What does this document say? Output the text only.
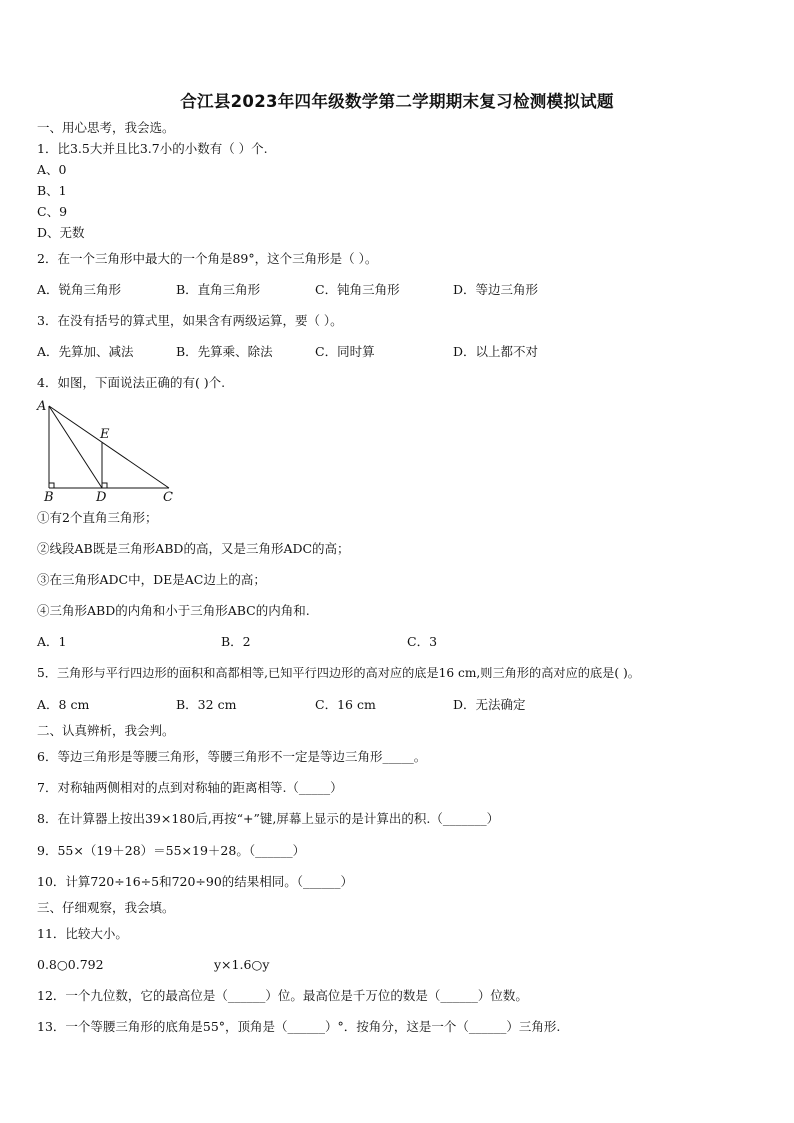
合江县2023年四年级数学第二学期期末复习检测模拟试题
一、用心思考，我会选。
1．比3.5大并且比3.7小的小数有（ ）个.
A、0
B、1
C、9
D、无数
2．在一个三角形中最大的一个角是89°，这个三角形是（ ）。
A．锐角三角形	B．直角三角形	C．钝角三角形	D．等边三角形
3．在没有括号的算式里，如果含有两级运算，要（ ）。
A．先算加、减法	B．先算乘、除法	C．同时算	D．以上都不对
4．如图，下面说法正确的有( )个.
A
E
B	D	C
①有2个直角三角形；
②线段AB既是三角形ABD的高，又是三角形ADC的高；
③在三角形ADC中，DE是AC边上的高；
④三角形ABD的内角和小于三角形ABC的内角和.
A．1	B．2	C．3
5．三角形与平行四边形的面积和高都相等,已知平行四边形的高对应的底是16 cm,则三角形的高对应的底是( )。
A．8 cm	B．32 cm	C．16 cm	D．无法确定
二、认真辨析，我会判。
6．等边三角形是等腰三角形，等腰三角形不一定是等边三角形_____。
7．对称轴两侧相对的点到对称轴的距离相等.（_____）
8．在计算器上按出39×180后,再按“+”键,屏幕上显示的是计算出的积.（_______）
9．55×（19＋28）＝55×19＋28。（______）
10．计算720÷16÷5和720÷90的结果相同。（______）
三、仔细观察，我会填。
11．比较大小。
0.8○0.792	y×1.6○y
12．一个九位数，它的最高位是（______）位。最高位是千万位的数是（______）位数。
13．一个等腰三角形的底角是55°，顶角是（______）°．按角分，这是一个（______）三角形.
